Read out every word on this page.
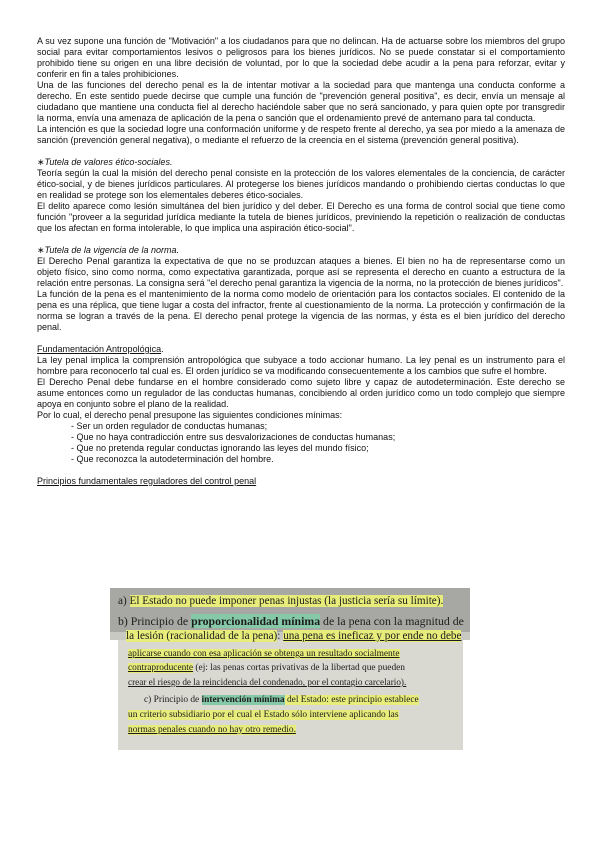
A su vez supone una función de "Motivación" a los ciudadanos para que no delincan. Ha de actuarse sobre los miembros del grupo social para evitar comportamientos lesivos o peligrosos para los bienes jurídicos. No se puede constatar si el comportamiento prohibido tiene su origen en una libre decisión de voluntad, por lo que la sociedad debe acudir a la pena para reforzar, evitar y conferir en fin a tales prohibiciones.

Una de las funciones del derecho penal es la de intentar motivar a la sociedad para que mantenga una conducta conforme a derecho. En este sentido puede decirse que cumple una función de "prevención general positiva", es decir, envía un mensaje al ciudadano que mantiene una conducta fiel al derecho haciéndole saber que no será sancionado, y para quien opte por transgredir la norma, envía una amenaza de aplicación de la pena o sanción que el ordenamiento prevé de antemano para tal conducta.

La intención es que la sociedad logre una conformación uniforme y de respeto frente al derecho, ya sea por miedo a la amenaza de sanción (prevención general negativa), o mediante el refuerzo de la creencia en el sistema (prevención general positiva).

∗Tutela de valores ético-sociales.

Teoría según la cual la misión del derecho penal consiste en la protección de los valores elementales de la conciencia, de carácter ético-social, y de bienes jurídicos particulares. Al protegerse los bienes jurídicos mandando o prohibiendo ciertas conductas lo que en realidad se protege son los elementales deberes ético-sociales.

El delito aparece como lesión simultánea del bien jurídico y del deber. El Derecho es una forma de control social que tiene como función "proveer a la seguridad jurídica mediante la tutela de bienes jurídicos, previniendo la repetición o realización de conductas que los afectan en forma intolerable, lo que implica una aspiración ético-social".

∗Tutela de la vigencia de la norma.

El Derecho Penal garantiza la expectativa de que no se produzcan ataques a bienes. El bien no ha de representarse como un objeto físico, sino como norma, como expectativa garantizada, porque así se representa el derecho en cuanto a estructura de la relación entre personas. La consigna será "el derecho penal garantiza la vigencia de la norma, no la protección de bienes jurídicos".

La función de la pena es el mantenimiento de la norma como modelo de orientación para los contactos sociales. El contenido de la pena es una réplica, que tiene lugar a costa del infractor, frente al cuestionamiento de la norma. La protección y confirmación de la norma se logran a través de la pena. El derecho penal protege la vigencia de las normas, y ésta es el bien jurídico del derecho penal.

Fundamentación Antropológica.

La ley penal implica la comprensión antropológica que subyace a todo accionar humano. La ley penal es un instrumento para el hombre para reconocerlo tal cual es. El orden jurídico se va modificando consecuentemente a los cambios que sufre el hombre.

El Derecho Penal debe fundarse en el hombre considerado como sujeto libre y capaz de autodeterminación. Este derecho se asume entonces como un regulador de las conductas humanas, concibiendo al orden jurídico como un todo complejo que siempre apoya en conjunto sobre el plano de la realidad.

Por lo cual, el derecho penal presupone las siguientes condiciones mínimas:

- Ser un orden regulador de conductas humanas;
- Que no haya contradicción entre sus desvalorizaciones de conductas humanas;
- Que no pretenda regular conductas ignorando las leyes del mundo físico;
- Que reconozca la autodeterminación del hombre.

Principios fundamentales reguladores del control penal

a) El Estado no puede imponer penas injustas (la justicia sería su límite).
b) Principio de proporcionalidad mínima de la pena con la magnitud de
la lesión (racionalidad de la pena): una pena es ineficaz y por ende no debe
aplicarse cuando con esa aplicación se obtenga un resultado socialmente
contraproducente (ej: las penas cortas privativas de la libertad que pueden
crear el riesgo de la reincidencia del condenado, por el contagio carcelario).
c) Principio de intervención mínima del Estado: este principio establece
un criterio subsidiario por el cual el Estado sólo interviene aplicando las
normas penales cuando no hay otro remedio.
